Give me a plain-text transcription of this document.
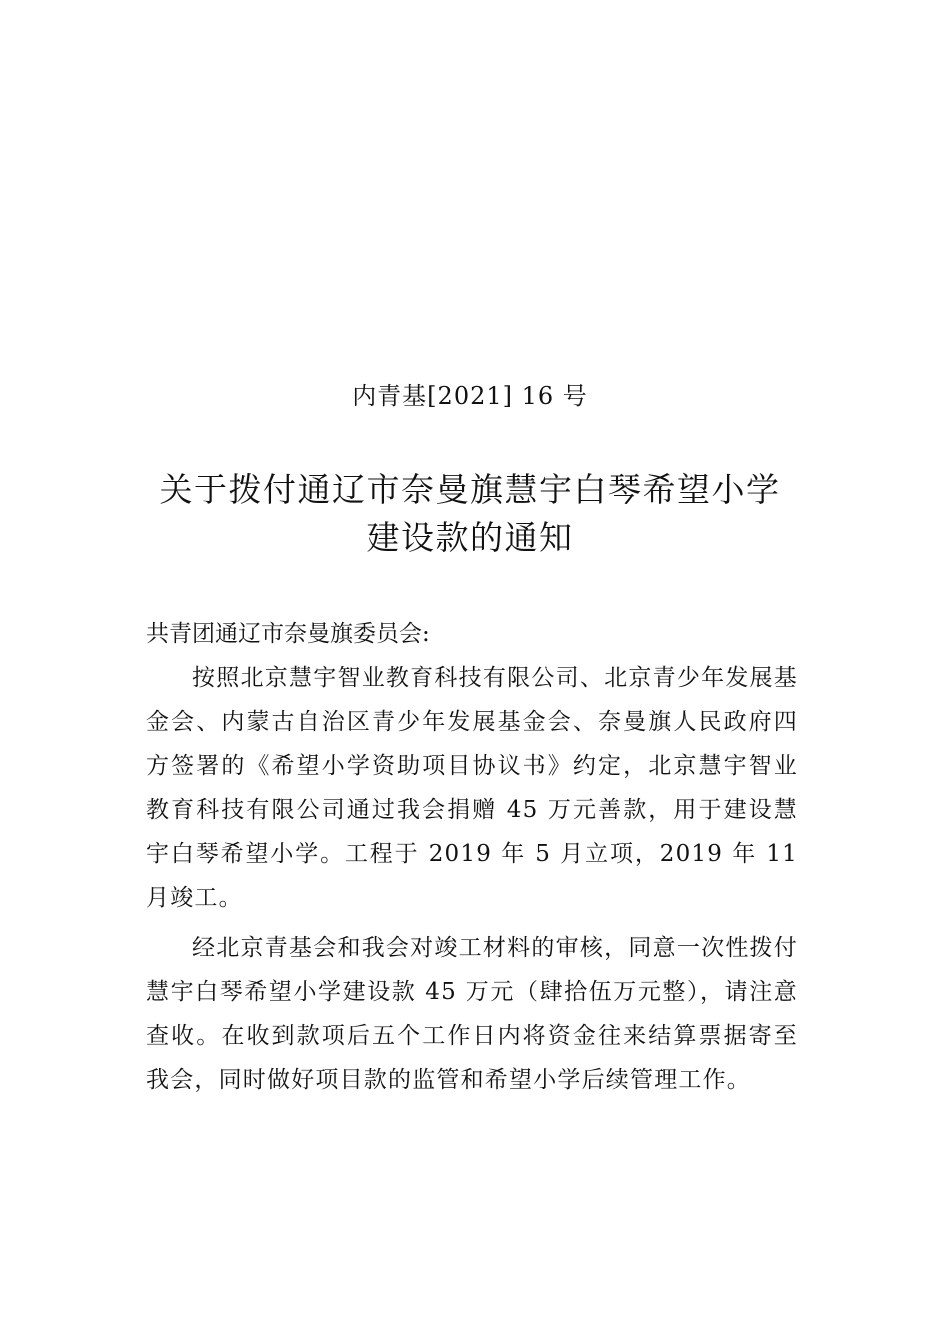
内青基[2021] 16 号
关于拨付通辽市奈曼旗慧宇白琴希望小学
建设款的通知
共青团通辽市奈曼旗委员会:

按照北京慧宇智业教育科技有限公司、北京青少年发展基金会、内蒙古自治区青少年发展基金会、奈曼旗人民政府四方签署的《希望小学资助项目协议书》约定，北京慧宇智业教育科技有限公司通过我会捐赠 45 万元善款，用于建设慧宇白琴希望小学。工程于 2019 年 5 月立项，2019 年 11 月竣工。

经北京青基会和我会对竣工材料的审核，同意一次性拨付慧宇白琴希望小学建设款 45 万元（肆拾伍万元整），请注意查收。在收到款项后五个工作日内将资金往来结算票据寄至我会，同时做好项目款的监管和希望小学后续管理工作。
